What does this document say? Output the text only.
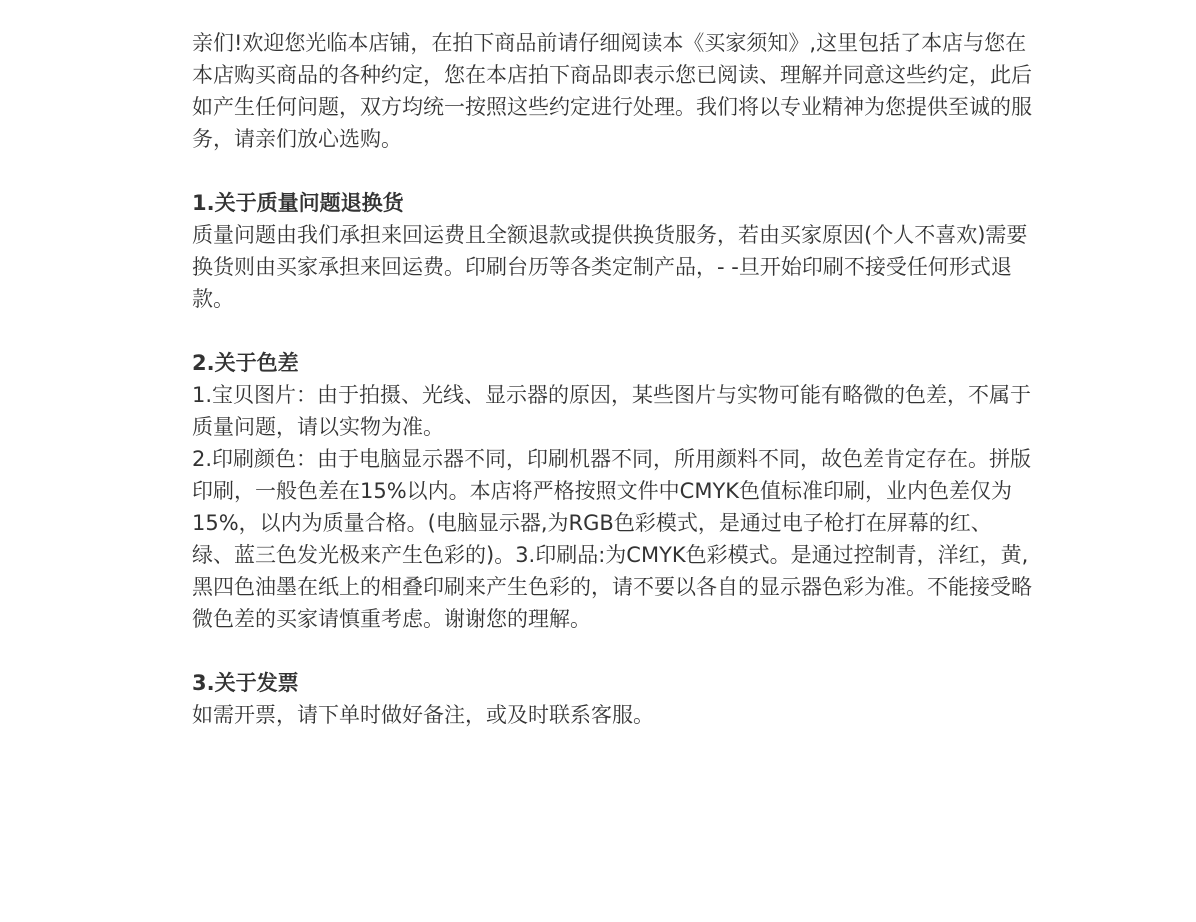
亲们!欢迎您光临本店铺，在拍下商品前请仔细阅读本《买家须知》,这里包括了本店与您在本店购买商品的各种约定，您在本店拍下商品即表示您已阅读、理解并同意这些约定，此后如产生任何问题，双方均统一按照这些约定进行处理。我们将以专业精神为您提供至诚的服务，请亲们放心选购。

1.关于质量问题退换货

质量问题由我们承担来回运费且全额退款或提供换货服务，若由买家原因(个人不喜欢)需要换货则由买家承担来回运费。印刷台历等各类定制产品，- -旦开始印刷不接受任何形式退款。

2.关于色差

1.宝贝图片：由于拍摄、光线、显示器的原因，某些图片与实物可能有略微的色差，不属于质量问题，请以实物为准。

2.印刷颜色：由于电脑显示器不同，印刷机器不同，所用颜料不同，故色差肯定存在。拼版印刷，一般色差在15%以内。本店将严格按照文件中CMYK色值标准印刷，业内色差仅为15%，以内为质量合格。(电脑显示器,为RGB色彩模式，是通过电子枪打在屏幕的红、绿、蓝三色发光极来产生色彩的)。3.印刷品:为CMYK色彩模式。是通过控制青，洋红，黄,黑四色油墨在纸上的相叠印刷来产生色彩的，请不要以各自的显示器色彩为准。不能接受略微色差的买家请慎重考虑。谢谢您的理解。

3.关于发票

如需开票，请下单时做好备注，或及时联系客服。
